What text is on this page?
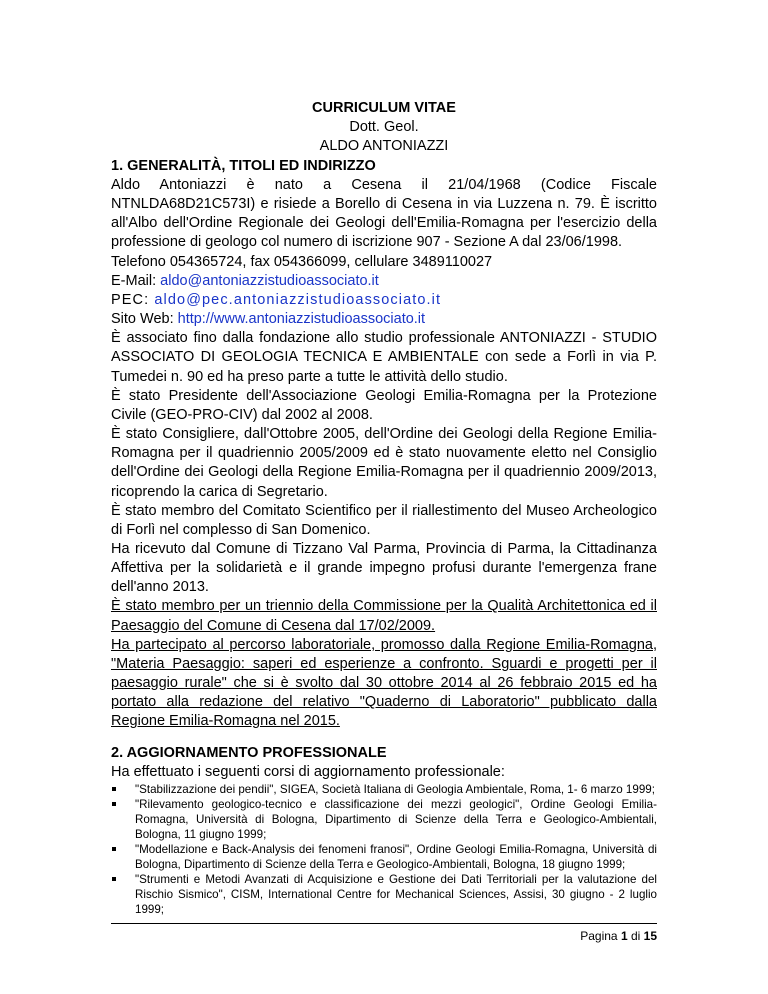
CURRICULUM VITAE
Dott. Geol.
ALDO ANTONIAZZI
1. GENERALITÀ, TITOLI ED INDIRIZZO

Aldo Antoniazzi è nato a Cesena il 21/04/1968 (Codice Fiscale NTNLDA68D21C573I) e risiede a Borello di Cesena in via Luzzena n. 79. È iscritto all'Albo dell'Ordine Regionale dei Geologi dell'Emilia-Romagna per l'esercizio della professione di geologo col numero di iscrizione 907 - Sezione A dal 23/06/1998.

Telefono 054365724, fax 054366099, cellulare 3489110027

E-Mail: aldo@antoniazzistudioassociato.it

PEC: aldo@pec.antoniazzistudioassociato.it

Sito Web: http://www.antoniazzistudioassociato.it

È associato fino dalla fondazione allo studio professionale ANTONIAZZI - STUDIO ASSOCIATO DI GEOLOGIA TECNICA E AMBIENTALE con sede a Forlì in via P. Tumedei n. 90 ed ha preso parte a tutte le attività dello studio.

È stato Presidente dell'Associazione Geologi Emilia-Romagna per la Protezione Civile (GEO-PRO-CIV) dal 2002 al 2008.

È stato Consigliere, dall'Ottobre 2005, dell'Ordine dei Geologi della Regione Emilia-Romagna per il quadriennio 2005/2009 ed è stato nuovamente eletto nel Consiglio dell'Ordine dei Geologi della Regione Emilia-Romagna per il quadriennio 2009/2013, ricoprendo la carica di Segretario.

È stato membro del Comitato Scientifico per il riallestimento del Museo Archeologico di Forlì nel complesso di San Domenico.

Ha ricevuto dal Comune di Tizzano Val Parma, Provincia di Parma, la Cittadinanza Affettiva per la solidarietà e il grande impegno profusi durante l'emergenza frane dell'anno 2013.

È stato membro per un triennio della Commissione per la Qualità Architettonica ed il Paesaggio del Comune di Cesena dal 17/02/2009.

Ha partecipato al percorso laboratoriale, promosso dalla Regione Emilia-Romagna, "Materia Paesaggio: saperi ed esperienze a confronto. Sguardi e progetti per il paesaggio rurale" che si è svolto dal 30 ottobre 2014 al 26 febbraio 2015 ed ha portato alla redazione del relativo "Quaderno di Laboratorio" pubblicato dalla Regione Emilia-Romagna nel 2015.

2. AGGIORNAMENTO PROFESSIONALE

Ha effettuato i seguenti corsi di aggiornamento professionale:

"Stabilizzazione dei pendii", SIGEA, Società Italiana di Geologia Ambientale, Roma, 1- 6 marzo 1999;
"Rilevamento geologico-tecnico e classificazione dei mezzi geologici", Ordine Geologi Emilia-Romagna, Università di Bologna, Dipartimento di Scienze della Terra e Geologico-Ambientali, Bologna, 11 giugno 1999;
"Modellazione e Back-Analysis dei fenomeni franosi", Ordine Geologi Emilia-Romagna, Università di Bologna, Dipartimento di Scienze della Terra e Geologico-Ambientali, Bologna, 18 giugno 1999;
"Strumenti e Metodi Avanzati di Acquisizione e Gestione dei Dati Territoriali per la valutazione del Rischio Sismico", CISM, International Centre for Mechanical Sciences, Assisi, 30 giugno - 2 luglio 1999;
Pagina 1 di 15
